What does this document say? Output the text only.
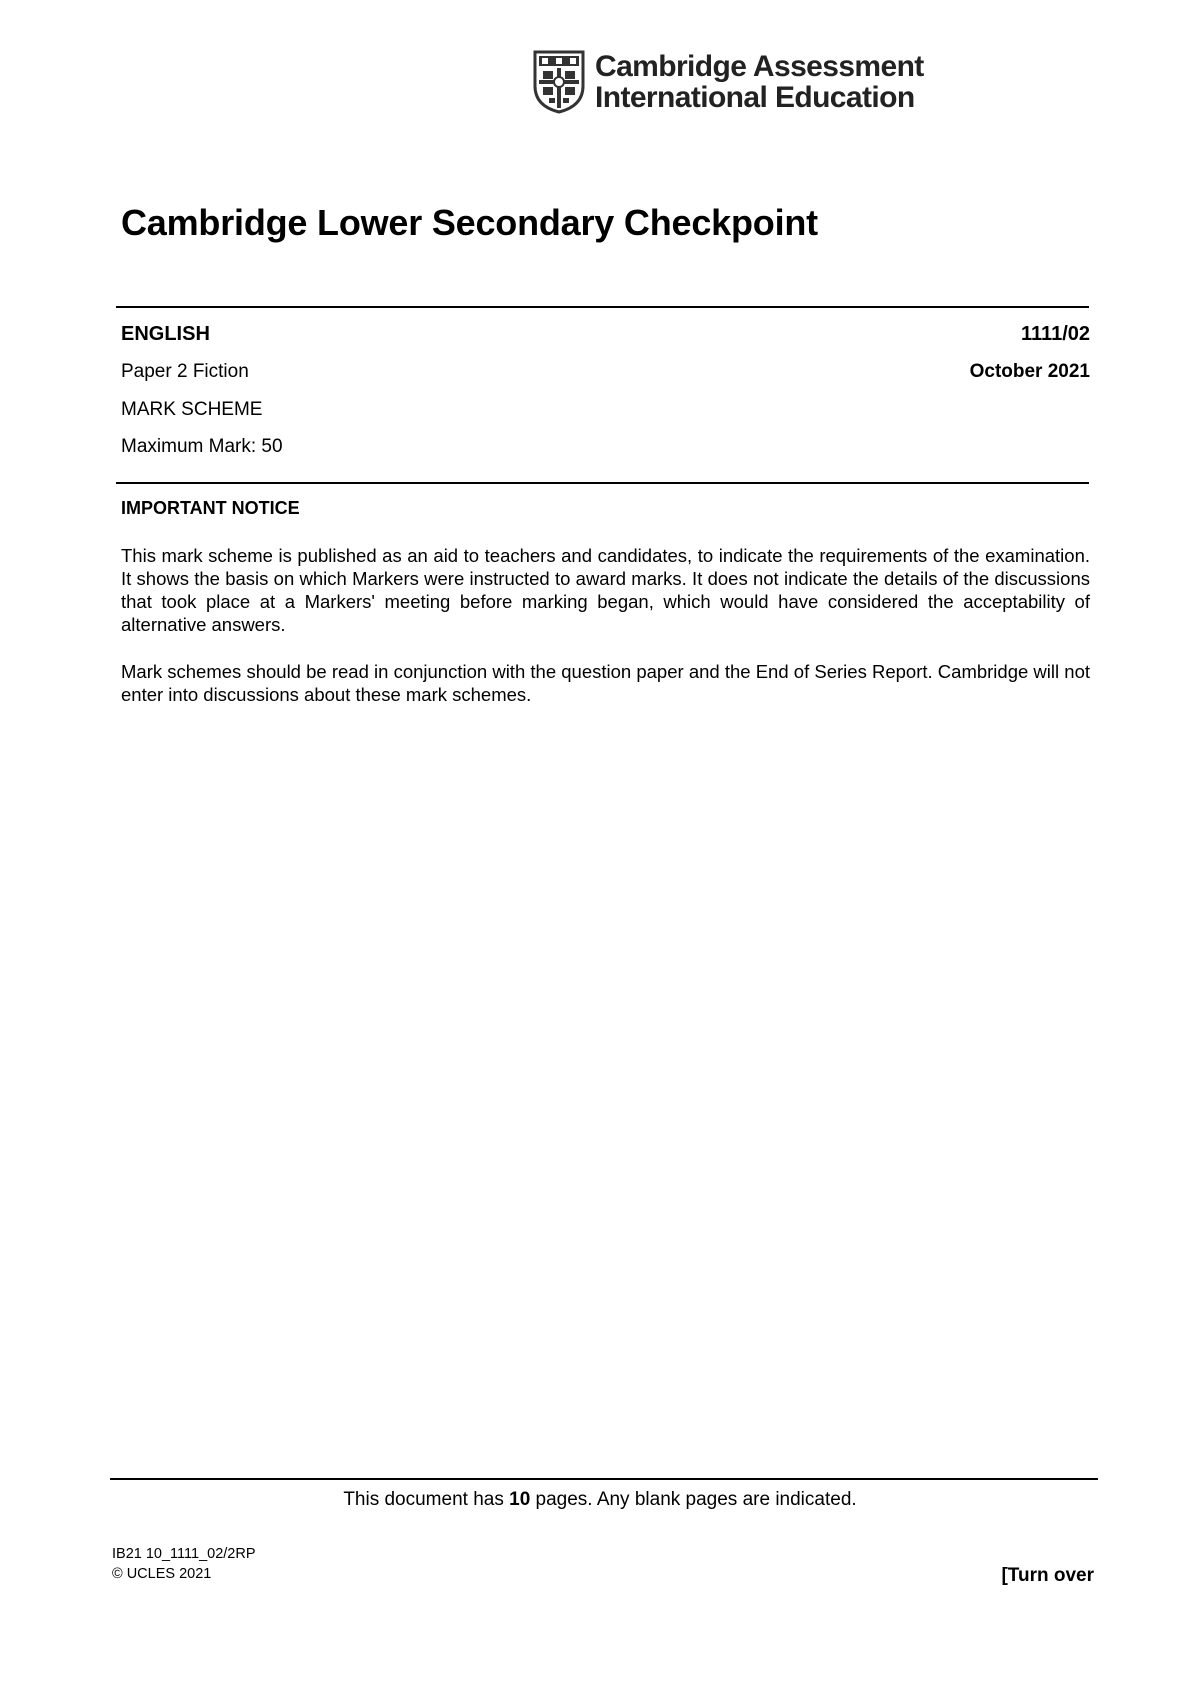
Cambridge Assessment
International Education
Cambridge Lower Secondary Checkpoint
ENGLISH	1111/02
Paper 2 Fiction	October 2021
MARK SCHEME
Maximum Mark: 50
IMPORTANT NOTICE
This mark scheme is published as an aid to teachers and candidates, to indicate the requirements of the examination. It shows the basis on which Markers were instructed to award marks. It does not indicate the details of the discussions that took place at a Markers' meeting before marking began, which would have considered the acceptability of alternative answers.
Mark schemes should be read in conjunction with the question paper and the End of Series Report. Cambridge will not enter into discussions about these mark schemes.
This document has 10 pages. Any blank pages are indicated.
IB21 10_1111_02/2RP
© UCLES 2021	[Turn over
